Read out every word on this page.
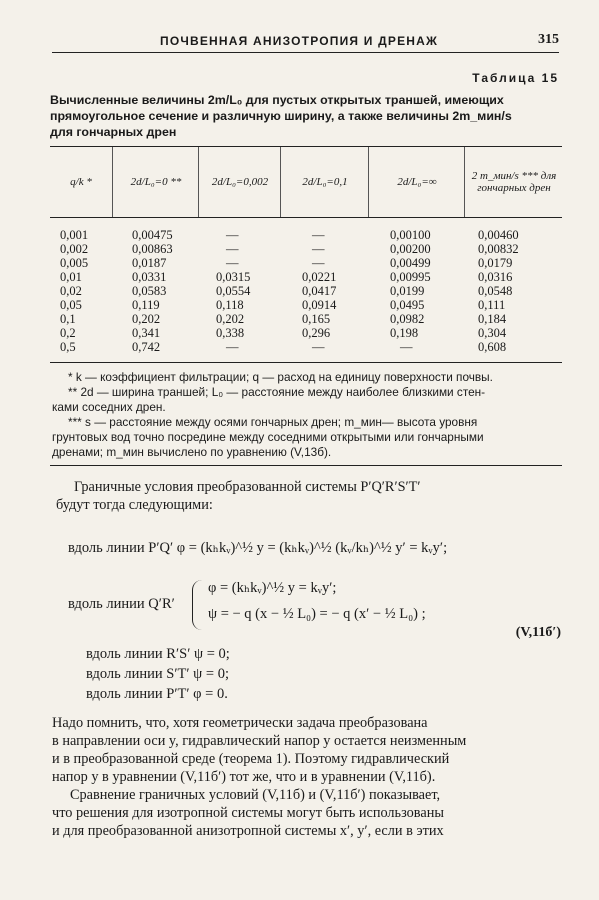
ПОЧВЕННАЯ АНИЗОТРОПИЯ И ДРЕНАЖ	315
Таблица 15
Вычисленные величины 2m/L₀ для пустых открытых траншей, имеющих
прямоугольное сечение и различную ширину, а также величины 2m_мин/s
для гончарных дрен
q/k *	2d/L₀=0 **	2d/L₀=0,002	2d/L₀=0,1	2d/L₀=∞	2 m_мин/s *** для гончарных дрен
0,001	0,00475	—	—	0,00100	0,00460
0,002	0,00863	—	—	0,00200	0,00832
0,005	0,0187	—	—	0,00499	0,0179
0,01	0,0331	0,0315	0,0221	0,00995	0,0316
0,02	0,0583	0,0554	0,0417	0,0199	0,0548
0,05	0,119	0,118	0,0914	0,0495	0,111
0,1	0,202	0,202	0,165	0,0982	0,184
0,2	0,341	0,338	0,296	0,198	0,304
0,5	0,742	—	—	—	0,608
* k — коэффициент фильтрации; q — расход на единицу поверхности почвы.
** 2d — ширина траншей; L₀ — расстояние между наиболее близкими стен-
ками соседних дрен.
*** s — расстояние между осями гончарных дрен; m_мин— высота уровня
грунтовых вод точно посредине между соседними открытыми или гончарными
дренами; m_мин вычислено по уравнению (V,13б).
Граничные условия преобразованной системы P′Q′R′S′T′
будут тогда следующими:
вдоль линии P′Q′ φ = (kₕkᵥ)^½ y = (kₕkᵥ)^½ (kᵥ/kₕ)^½ y′ = kᵥy′;
вдоль линии Q′R′
φ = (kₕkᵥ)^½ y = kᵥy′;
ψ = − q (x − ½ L₀) = − q (x′ − ½ L₀) ;
(V,11б′)
вдоль линии R′S′ ψ = 0;
вдоль линии S′T′ ψ = 0;
вдоль линии P′T′ φ = 0.
Надо помнить, что, хотя геометрически задача преобразована
в направлении оси y, гидравлический напор y остается неизменным
и в преобразованной среде (теорема 1). Поэтому гидравлический
напор y в уравнении (V,11б′) тот же, что и в уравнении (V,11б).
Сравнение граничных условий (V,11б) и (V,11б′) показывает,
что решения для изотропной системы могут быть использованы
и для преобразованной анизотропной системы x′, y′, если в этих
